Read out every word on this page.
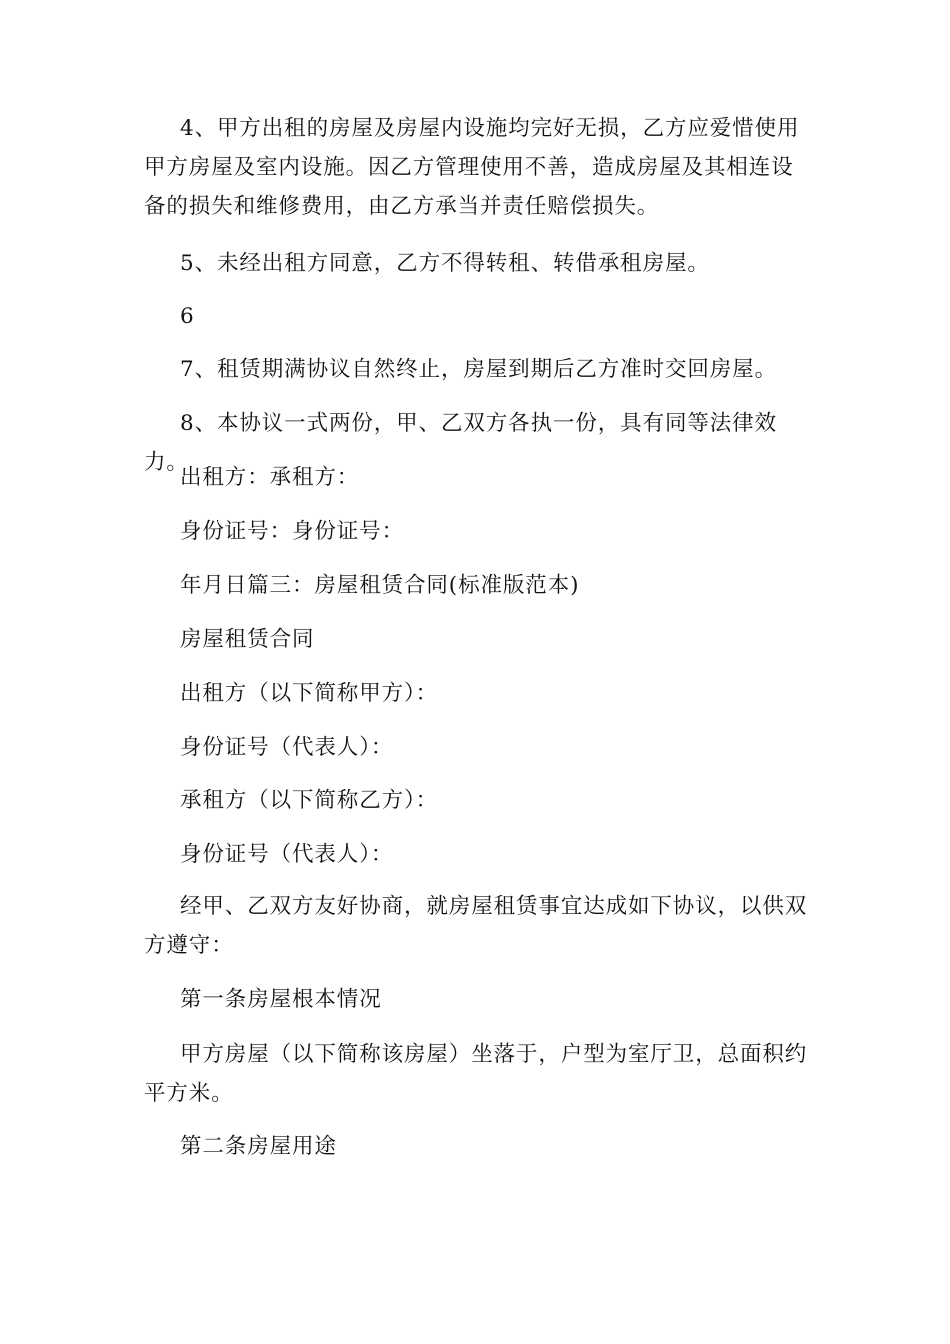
4、甲方出租的房屋及房屋内设施均完好无损，乙方应爱惜使用甲方房屋及室内设施。因乙方管理使用不善，造成房屋及其相连设备的损失和维修费用，由乙方承当并责任赔偿损失。

5、未经出租方同意，乙方不得转租、转借承租房屋。

6

7、租赁期满协议自然终止，房屋到期后乙方准时交回房屋。

8、本协议一式两份，甲、乙双方各执一份，具有同等法律效力。

出租方：承租方：

身份证号：身份证号：

年月日篇三：房屋租赁合同(标准版范本)

房屋租赁合同

出租方（以下简称甲方）：

身份证号（代表人）：

承租方（以下简称乙方）：

身份证号（代表人）：

经甲、乙双方友好协商，就房屋租赁事宜达成如下协议，以供双方遵守：

第一条房屋根本情况

甲方房屋（以下简称该房屋）坐落于，户型为室厅卫，总面积约平方米。

第二条房屋用途
